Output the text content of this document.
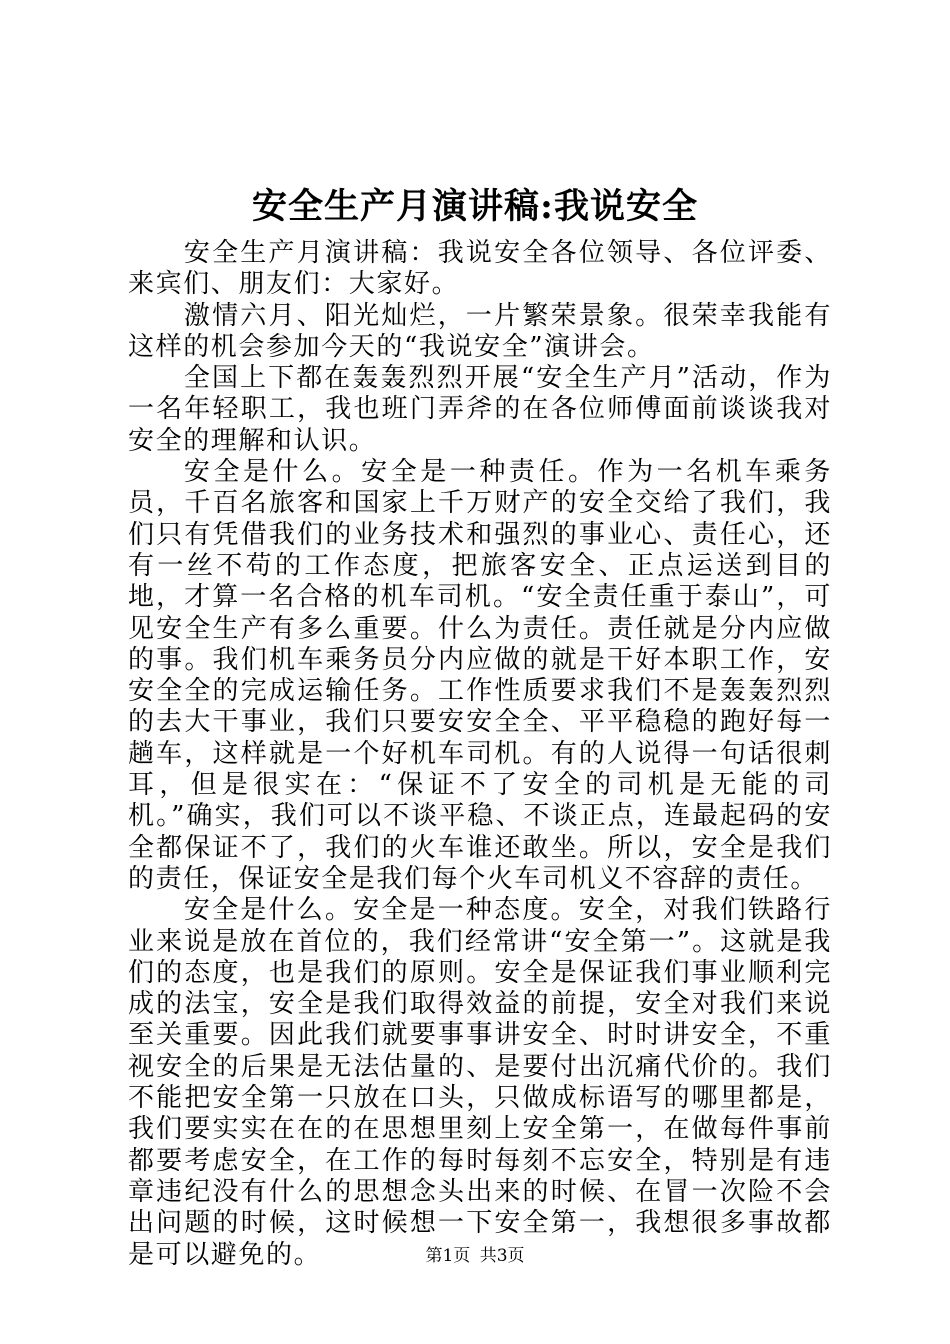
安全生产月演讲稿:我说安全

安全生产月演讲稿：我说安全各位领导、各位评委、来宾们、朋友们：大家好。

激情六月、阳光灿烂，一片繁荣景象。很荣幸我能有这样的机会参加今天的“我说安全”演讲会。

全国上下都在轰轰烈烈开展“安全生产月”活动，作为一名年轻职工，我也班门弄斧的在各位师傅面前谈谈我对安全的理解和认识。

安全是什么。安全是一种责任。作为一名机车乘务员，千百名旅客和国家上千万财产的安全交给了我们，我们只有凭借我们的业务技术和强烈的事业心、责任心，还有一丝不苟的工作态度，把旅客安全、正点运送到目的地，才算一名合格的机车司机。“安全责任重于泰山”，可见安全生产有多么重要。什么为责任。责任就是分内应做的事。我们机车乘务员分内应做的就是干好本职工作，安安全全的完成运输任务。工作性质要求我们不是轰轰烈烈的去大干事业，我们只要安安全全、平平稳稳的跑好每一趟车，这样就是一个好机车司机。有的人说得一句话很刺耳，但是很实在：“保证不了安全的司机是无能的司机。”确实，我们可以不谈平稳、不谈正点，连最起码的安全都保证不了，我们的火车谁还敢坐。所以，安全是我们的责任，保证安全是我们每个火车司机义不容辞的责任。

安全是什么。安全是一种态度。安全，对我们铁路行业来说是放在首位的，我们经常讲“安全第一”。这就是我们的态度，也是我们的原则。安全是保证我们事业顺利完成的法宝，安全是我们取得效益的前提，安全对我们来说至关重要。因此我们就要事事讲安全、时时讲安全，不重视安全的后果是无法估量的、是要付出沉痛代价的。我们不能把安全第一只放在口头，只做成标语写的哪里都是，我们要实实在在的在思想里刻上安全第一，在做每件事前都要考虑安全，在工作的每时每刻不忘安全，特别是有违章违纪没有什么的思想念头出来的时候、在冒一次险不会出问题的时候，这时候想一下安全第一，我想很多事故都是可以避免的。	第1页 共3页
